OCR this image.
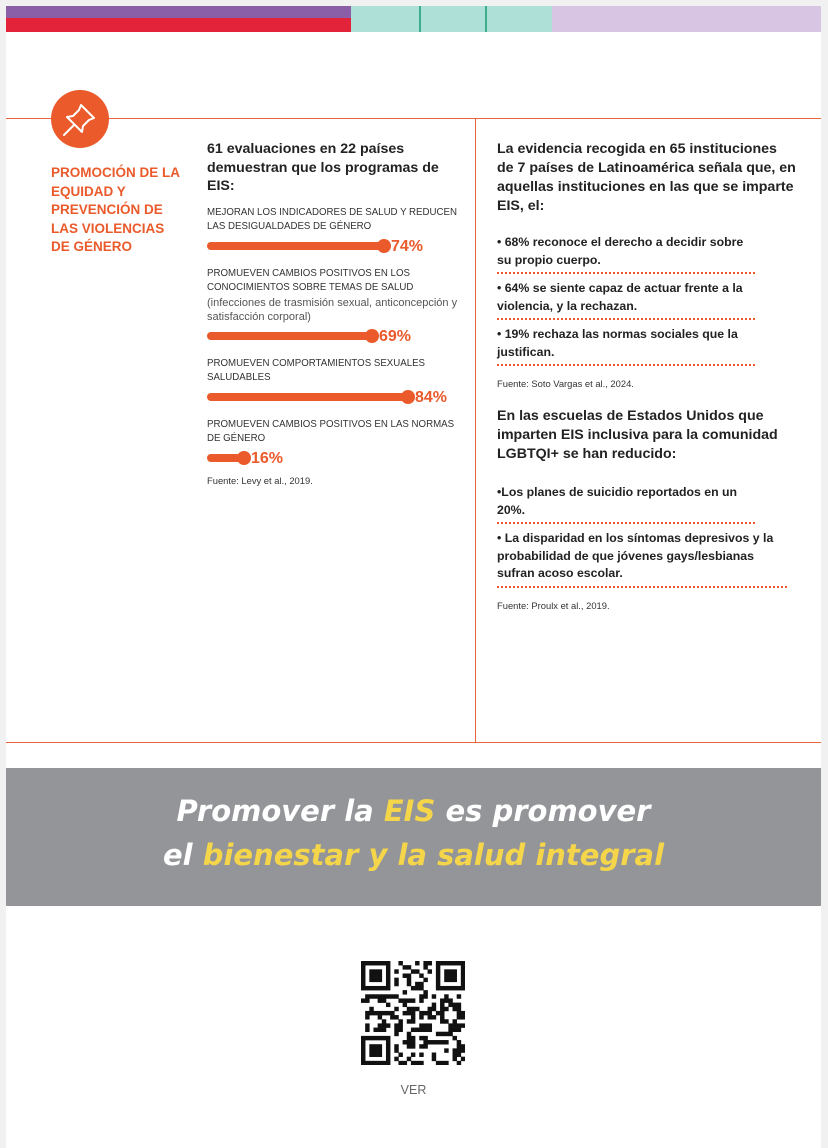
PROMOCIÓN DE LA EQUIDAD Y PREVENCIÓN DE LAS VIOLENCIAS DE GÉNERO

61 evaluaciones en 22 países demuestran que los programas de EIS:

MEJORAN LOS INDICADORES DE SALUD Y REDUCEN LAS DESIGUALDADES DE GÉNERO
74%
PROMUEVEN CAMBIOS POSITIVOS EN LOS CONOCIMIENTOS SOBRE TEMAS DE SALUD
(infecciones de trasmisión sexual, anticoncepción y satisfacción corporal)
69%
PROMUEVEN COMPORTAMIENTOS SEXUALES SALUDABLES
84%
PROMUEVEN CAMBIOS POSITIVOS EN LAS NORMAS DE GÉNERO
16%
Fuente: Levy et al., 2019.

La evidencia recogida en 65 instituciones de 7 países de Latinoamérica señala que, en aquellas instituciones en las que se imparte EIS, el:

• 68% reconoce el derecho a decidir sobre su propio cuerpo.
• 64% se siente capaz de actuar frente a la violencia, y la rechazan.
• 19% rechaza las normas sociales que la justifican.
Fuente: Soto Vargas et al., 2024.

En las escuelas de Estados Unidos que imparten EIS inclusiva para la comunidad LGBTQI+ se han reducido:

•Los planes de suicidio reportados en un 20%.
• La disparidad en los síntomas depresivos y la probabilidad de que jóvenes gays/lesbianas sufran acoso escolar.
Fuente: Proulx et al., 2019.
Promover la EIS es promover
el bienestar y la salud integral
VER
